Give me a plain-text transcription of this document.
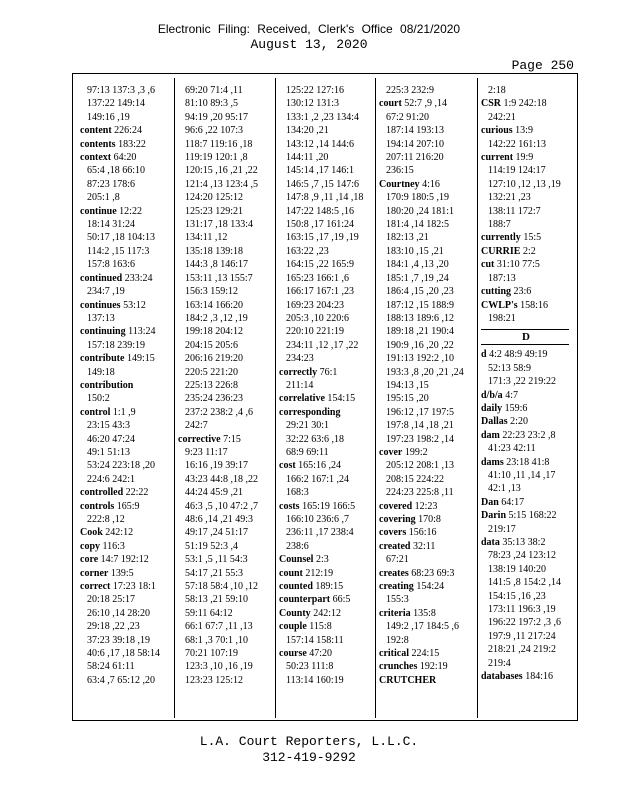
Electronic Filing: Received, Clerk's Office 08/21/2020
August 13, 2020
Page 250
97:13 137:3 ,3 ,6
137:22 149:14
149:16 ,19
content 226:24
contents 183:22
context 64:20
65:4 ,18 66:10
87:23 178:6
205:1 ,8
continue 12:22
18:14 31:24
50:17 ,18 104:13
114:2 ,15 117:3
157:8 163:6
continued 233:24
234:7 ,19
continues 53:12
137:13
continuing 113:24
157:18 239:19
contribute 149:15
149:18
contribution
150:2
control 1:1 ,9
23:15 43:3
46:20 47:24
49:1 51:13
53:24 223:18 ,20
224:6 242:1
controlled 22:22
controls 165:9
222:8 ,12
Cook 242:12
copy 116:3
core 14:7 192:12
corner 139:5
correct 17:23 18:1
20:18 25:17
26:10 ,14 28:20
29:18 ,22 ,23
37:23 39:18 ,19
40:6 ,17 ,18 58:14
58:24 61:11
63:4 ,7 65:12 ,20
69:20 71:4 ,11
81:10 89:3 ,5
94:19 ,20 95:17
96:6 ,22 107:3
118:7 119:16 ,18
119:19 120:1 ,8
120:15 ,16 ,21 ,22
121:4 ,13 123:4 ,5
124:20 125:12
125:23 129:21
131:17 ,18 133:4
134:11 ,12
135:18 139:18
144:3 ,8 146:17
153:11 ,13 155:7
156:3 159:12
163:14 166:20
184:2 ,3 ,12 ,19
199:18 204:12
204:15 205:6
206:16 219:20
220:5 221:20
225:13 226:8
235:24 236:23
237:2 238:2 ,4 ,6
242:7
corrective 7:15
9:23 11:17
16:16 ,19 39:17
43:23 44:8 ,18 ,22
44:24 45:9 ,21
46:3 ,5 ,10 47:2 ,7
48:6 ,14 ,21 49:3
49:17 ,24 51:17
51:19 52:3 ,4
53:1 ,5 ,11 54:3
54:17 ,21 55:3
57:18 58:4 ,10 ,12
58:13 ,21 59:10
59:11 64:12
66:1 67:7 ,11 ,13
68:1 ,3 70:1 ,10
70:21 107:19
123:3 ,10 ,16 ,19
123:23 125:12
125:22 127:16
130:12 131:3
133:1 ,2 ,23 134:4
134:20 ,21
143:12 ,14 144:6
144:11 ,20
145:14 ,17 146:1
146:5 ,7 ,15 147:6
147:8 ,9 ,11 ,14 ,18
147:22 148:5 ,16
150:8 ,17 161:24
163:15 ,17 ,19 ,19
163:22 ,23
164:15 ,22 165:9
165:23 166:1 ,6
166:17 167:1 ,23
169:23 204:23
205:3 ,10 220:6
220:10 221:19
234:11 ,12 ,17 ,22
234:23
correctly 76:1
211:14
correlative 154:15
corresponding
29:21 30:1
32:22 63:6 ,18
68:9 69:11
cost 165:16 ,24
166:2 167:1 ,24
168:3
costs 165:19 166:5
166:10 236:6 ,7
236:11 ,17 238:4
238:6
Counsel 2:3
count 212:19
counted 189:15
counterpart 66:5
County 242:12
couple 115:8
157:14 158:11
course 47:20
50:23 111:8
113:14 160:19
225:3 232:9
court 52:7 ,9 ,14
67:2 91:20
187:14 193:13
194:14 207:10
207:11 216:20
236:15
Courtney 4:16
170:9 180:5 ,19
180:20 ,24 181:1
181:4 ,14 182:5
182:13 ,21
183:10 ,15 ,21
184:1 ,4 ,13 ,20
185:1 ,7 ,19 ,24
186:4 ,15 ,20 ,23
187:12 ,15 188:9
188:13 189:6 ,12
189:18 ,21 190:4
190:9 ,16 ,20 ,22
191:13 192:2 ,10
193:3 ,8 ,20 ,21 ,24
194:13 ,15
195:15 ,20
196:12 ,17 197:5
197:8 ,14 ,18 ,21
197:23 198:2 ,14
cover 199:2
205:12 208:1 ,13
208:15 224:22
224:23 225:8 ,11
covered 12:23
covering 170:8
covers 156:16
created 32:11
67:21
creates 68:23 69:3
creating 154:24
155:3
criteria 135:8
149:2 ,17 184:5 ,6
192:8
critical 224:15
crunches 192:19
CRUTCHER
2:18
CSR 1:9 242:18
242:21
curious 13:9
142:22 161:13
current 19:9
114:19 124:17
127:10 ,12 ,13 ,19
132:21 ,23
138:11 172:7
188:7
currently 15:5
CURRIE 2:2
cut 31:10 77:5
187:13
cutting 23:6
CWLP's 158:16
198:21
D
d 4:2 48:9 49:19
52:13 58:9
171:3 ,22 219:22
d/b/a 4:7
daily 159:6
Dallas 2:20
dam 22:23 23:2 ,8
41:23 42:11
dams 23:18 41:8
41:10 ,11 ,14 ,17
42:1 ,13
Dan 64:17
Darin 5:15 168:22
219:17
data 35:13 38:2
78:23 ,24 123:12
138:19 140:20
141:5 ,8 154:2 ,14
154:15 ,16 ,23
173:11 196:3 ,19
196:22 197:2 ,3 ,6
197:9 ,11 217:24
218:21 ,24 219:2
219:4
databases 184:16
L.A. Court Reporters, L.L.C.
312-419-9292
